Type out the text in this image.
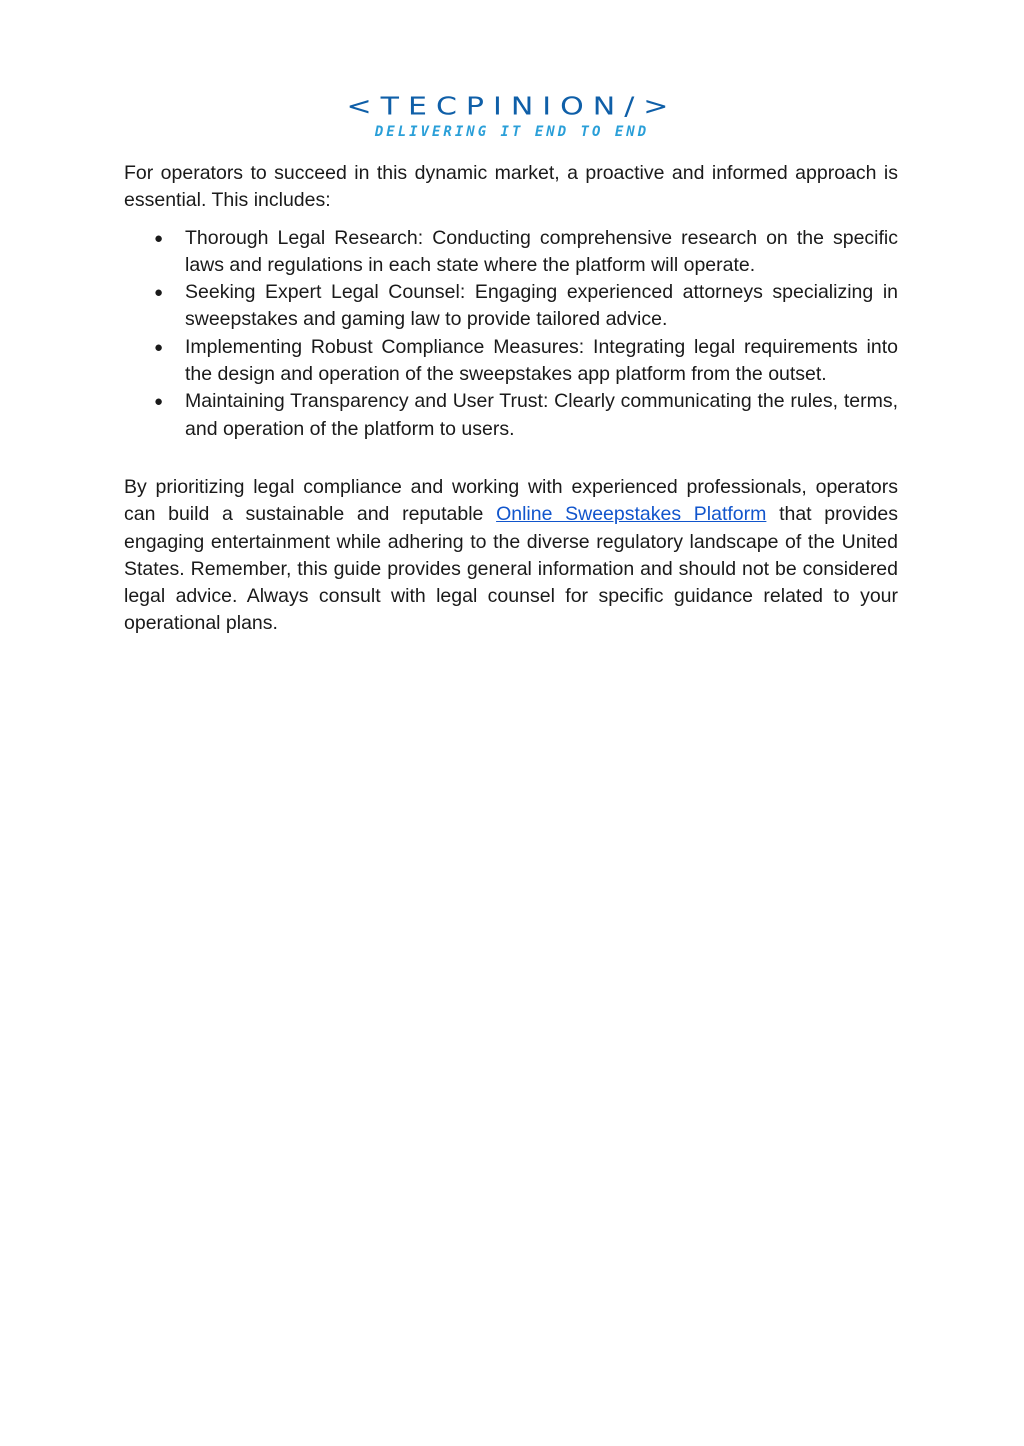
<TECPINION/>
DELIVERING IT END TO END

For operators to succeed in this dynamic market, a proactive and informed approach is essential. This includes:

● Thorough Legal Research: Conducting comprehensive research on the specific laws and regulations in each state where the platform will operate.
● Seeking Expert Legal Counsel: Engaging experienced attorneys specializing in sweepstakes and gaming law to provide tailored advice.
● Implementing Robust Compliance Measures: Integrating legal requirements into the design and operation of the sweepstakes app platform from the outset.
● Maintaining Transparency and User Trust: Clearly communicating the rules, terms, and operation of the platform to users.

By prioritizing legal compliance and working with experienced professionals, operators can build a sustainable and reputable Online Sweepstakes Platform that provides engaging entertainment while adhering to the diverse regulatory landscape of the United States. Remember, this guide provides general information and should not be considered legal advice. Always consult with legal counsel for specific guidance related to your operational plans.
